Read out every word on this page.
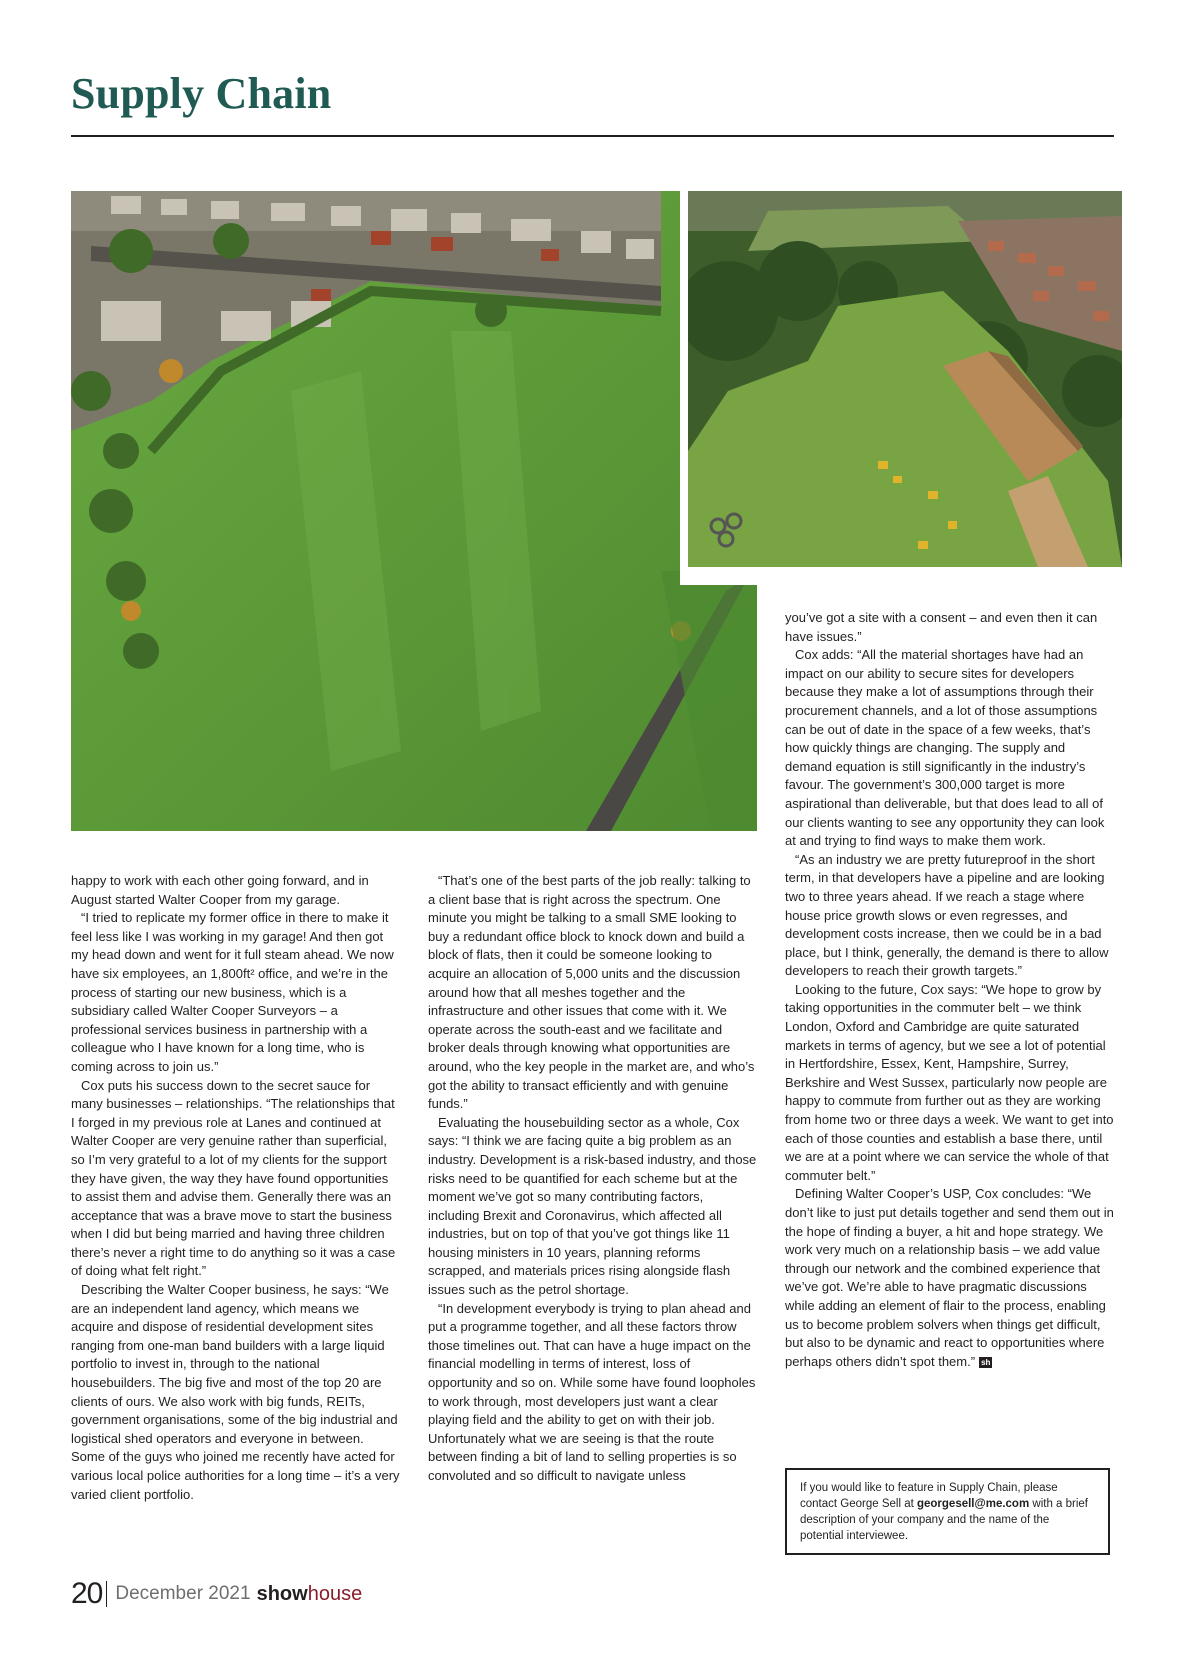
Supply Chain

happy to work with each other going forward, and in August started Walter Cooper from my garage.

“I tried to replicate my former office in there to make it feel less like I was working in my garage! And then got my head down and went for it full steam ahead. We now have six employees, an 1,800ft² office, and we’re in the process of starting our new business, which is a subsidiary called Walter Cooper Surveyors – a professional services business in partnership with a colleague who I have known for a long time, who is coming across to join us.”

Cox puts his success down to the secret sauce for many businesses – relationships. “The relationships that I forged in my previous role at Lanes and continued at Walter Cooper are very genuine rather than superficial, so I’m very grateful to a lot of my clients for the support they have given, the way they have found opportunities to assist them and advise them. Generally there was an acceptance that was a brave move to start the business when I did but being married and having three children there’s never a right time to do anything so it was a case of doing what felt right.”

Describing the Walter Cooper business, he says: “We are an independent land agency, which means we acquire and dispose of residential development sites ranging from one-man band builders with a large liquid portfolio to invest in, through to the national housebuilders. The big five and most of the top 20 are clients of ours. We also work with big funds, REITs, government organisations, some of the big industrial and logistical shed operators and everyone in between. Some of the guys who joined me recently have acted for various local police authorities for a long time – it’s a very varied client portfolio.

“That’s one of the best parts of the job really: talking to a client base that is right across the spectrum. One minute you might be talking to a small SME looking to buy a redundant office block to knock down and build a block of flats, then it could be someone looking to acquire an allocation of 5,000 units and the discussion around how that all meshes together and the infrastructure and other issues that come with it. We operate across the south-east and we facilitate and broker deals through knowing what opportunities are around, who the key people in the market are, and who’s got the ability to transact efficiently and with genuine funds.”

Evaluating the housebuilding sector as a whole, Cox says: “I think we are facing quite a big problem as an industry. Development is a risk-based industry, and those risks need to be quantified for each scheme but at the moment we’ve got so many contributing factors, including Brexit and Coronavirus, which affected all industries, but on top of that you’ve got things like 11 housing ministers in 10 years, planning reforms scrapped, and materials prices rising alongside flash issues such as the petrol shortage.

“In development everybody is trying to plan ahead and put a programme together, and all these factors throw those timelines out. That can have a huge impact on the financial modelling in terms of interest, loss of opportunity and so on. While some have found loopholes to work through, most developers just want a clear playing field and the ability to get on with their job. Unfortunately what we are seeing is that the route between finding a bit of land to selling properties is so convoluted and so difficult to navigate unless

you’ve got a site with a consent – and even then it can have issues.”

Cox adds: “All the material shortages have had an impact on our ability to secure sites for developers because they make a lot of assumptions through their procurement channels, and a lot of those assumptions can be out of date in the space of a few weeks, that’s how quickly things are changing. The supply and demand equation is still significantly in the industry’s favour. The government’s 300,000 target is more aspirational than deliverable, but that does lead to all of our clients wanting to see any opportunity they can look at and trying to find ways to make them work.

“As an industry we are pretty futureproof in the short term, in that developers have a pipeline and are looking two to three years ahead. If we reach a stage where house price growth slows or even regresses, and development costs increase, then we could be in a bad place, but I think, generally, the demand is there to allow developers to reach their growth targets.”

Looking to the future, Cox says: “We hope to grow by taking opportunities in the commuter belt – we think London, Oxford and Cambridge are quite saturated markets in terms of agency, but we see a lot of potential in Hertfordshire, Essex, Kent, Hampshire, Surrey, Berkshire and West Sussex, particularly now people are happy to commute from further out as they are working from home two or three days a week. We want to get into each of those counties and establish a base there, until we are at a point where we can service the whole of that commuter belt.”

Defining Walter Cooper’s USP, Cox concludes: “We don’t like to just put details together and send them out in the hope of finding a buyer, a hit and hope strategy. We work very much on a relationship basis – we add value through our network and the combined experience that we’ve got. We’re able to have pragmatic discussions while adding an element of flair to the process, enabling us to become problem solvers when things get difficult, but also to be dynamic and react to opportunities where perhaps others didn’t spot them.” sh

If you would like to feature in Supply Chain, please contact George Sell at georgesell@me.com with a brief description of your company and the name of the potential interviewee.
20 December 2021 show house
